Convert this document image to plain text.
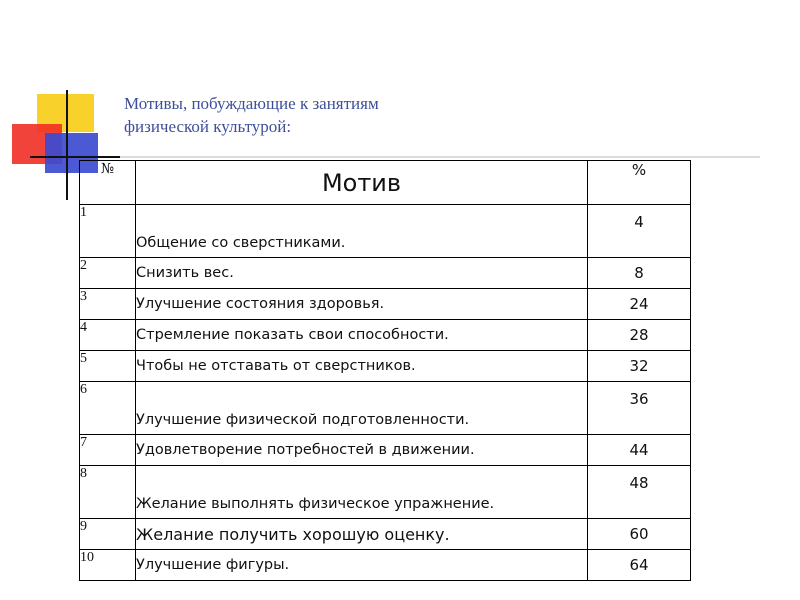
Мотивы, побуждающие к занятиям
физической культурой:
№	Мотив	%
1	Общение со сверстниками.	4
2	Снизить вес.	8
3	Улучшение состояния здоровья.	24
4	Стремление показать свои способности.	28
5	Чтобы не отставать от сверстников.	32
6	Улучшение физической подготовленности.	36
7	Удовлетворение потребностей в движении.	44
8	Желание выполнять физическое упражнение.	48
9	Желание получить хорошую оценку.	60
10	Улучшение фигуры.	64
